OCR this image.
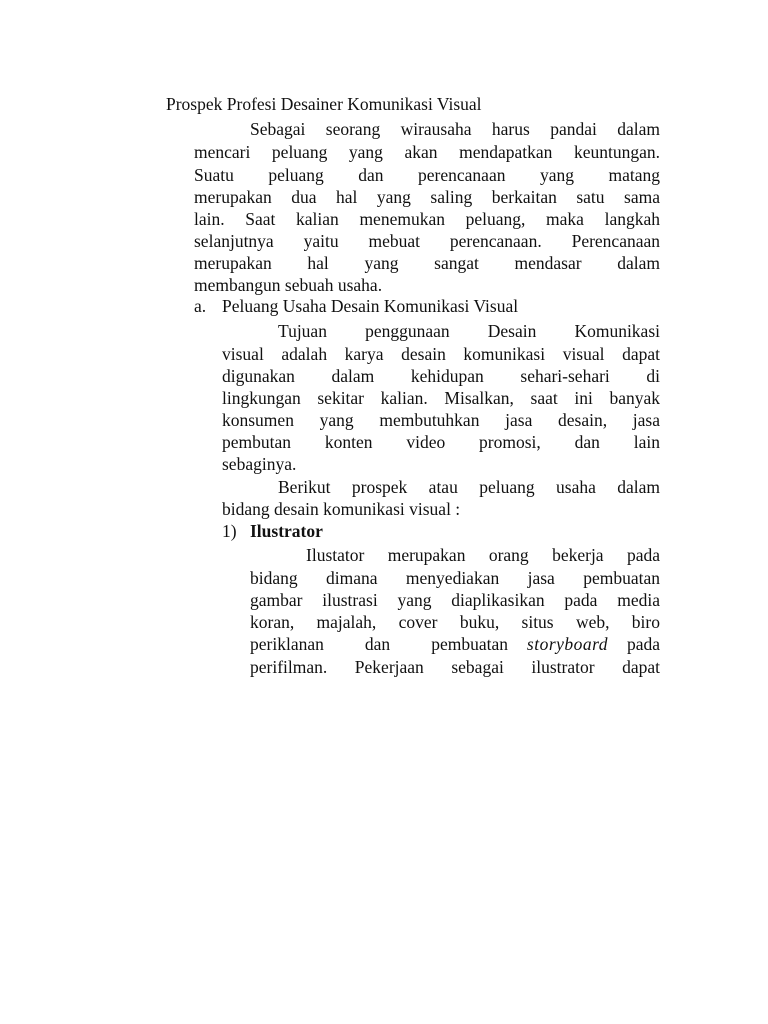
Prospek Profesi Desainer Komunikasi Visual
Sebagai seorang wirausaha harus pandai dalam
mencari peluang yang akan mendapatkan keuntungan.
Suatu peluang dan perencanaan yang matang
merupakan dua hal yang saling berkaitan satu sama
lain. Saat kalian menemukan peluang, maka langkah
selanjutnya yaitu mebuat perencanaan. Perencanaan
merupakan hal yang sangat mendasar dalam
membangun sebuah usaha.
a. Peluang Usaha Desain Komunikasi Visual
Tujuan penggunaan Desain Komunikasi
visual adalah karya desain komunikasi visual dapat
digunakan dalam kehidupan sehari-sehari di
lingkungan sekitar kalian. Misalkan, saat ini banyak
konsumen yang membutuhkan jasa desain, jasa
pembutan konten video promosi, dan lain
sebaginya.
Berikut prospek atau peluang usaha dalam
bidang desain komunikasi visual :
1) Ilustrator
Ilustator merupakan orang bekerja pada
bidang dimana menyediakan jasa pembuatan
gambar ilustrasi yang diaplikasikan pada media
koran, majalah, cover buku, situs web, biro
periklanan dan pembuatan storyboard pada
perifilman. Pekerjaan sebagai ilustrator dapat
